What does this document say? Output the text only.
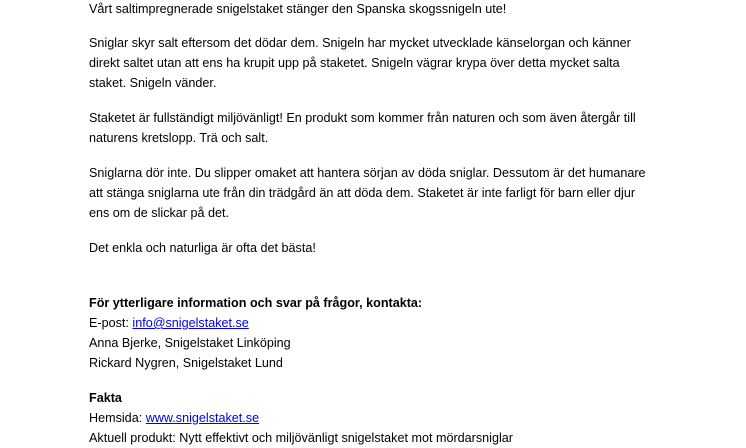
Vårt saltimpregnerade snigelstaket stänger den Spanska skogssnigeln ute!
Sniglar skyr salt eftersom det dödar dem. Snigeln har mycket utvecklade känselorgan och känner
direkt saltet utan att ens ha krupit upp på staketet. Snigeln vägrar krypa över detta mycket salta
staket. Snigeln vänder.
Staketet är fullständigt miljövänligt! En produkt som kommer från naturen och som även återgår till
naturens kretslopp. Trä och salt.
Sniglarna dör inte. Du slipper omaket att hantera sörjan av döda sniglar. Dessutom är det humanare
att stänga sniglarna ute från din trädgård än att döda dem. Staketet är inte farligt för barn eller djur
ens om de slickar på det.
Det enkla och naturliga är ofta det bästa!
För ytterligare information och svar på frågor, kontakta:
E-post: info@snigelstaket.se
Anna Bjerke, Snigelstaket Linköping
Rickard Nygren, Snigelstaket Lund
Fakta
Hemsida: www.snigelstaket.se
Aktuell produkt: Nytt effektivt och miljövänligt snigelstaket mot mördarsniglar
